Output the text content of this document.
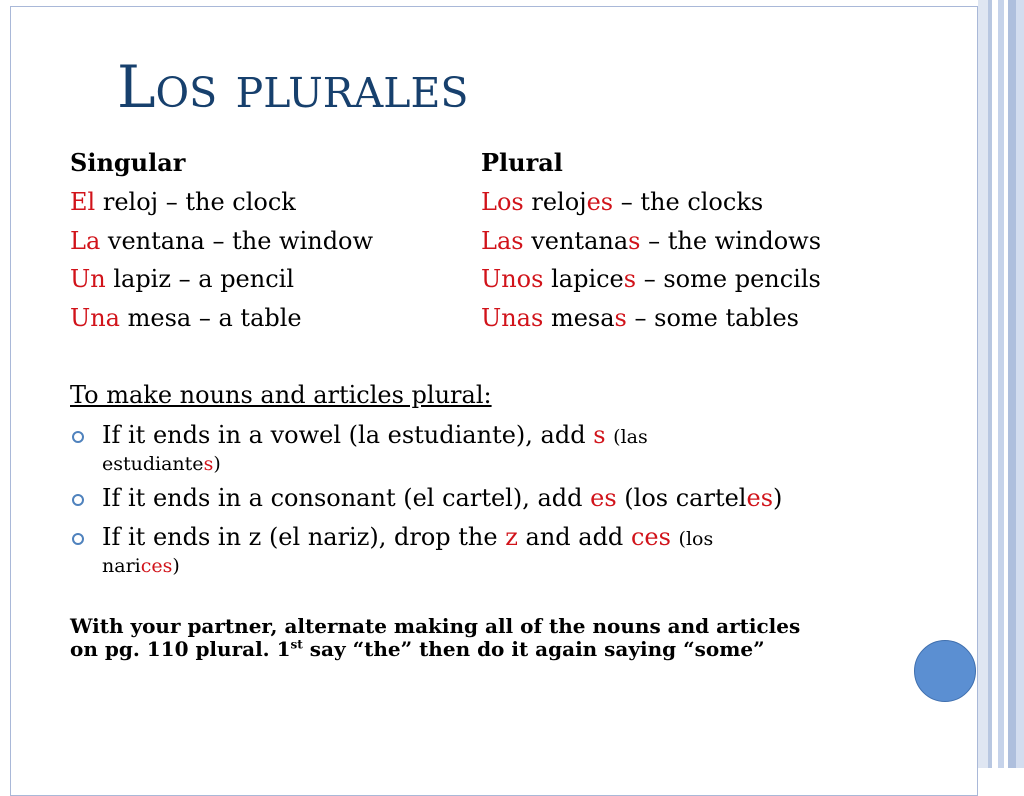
Los plurales
Singular	Plural
El reloj – the clock	Los relojes – the clocks
La ventana – the window	Las ventanas – the windows
Un lapiz – a pencil	Unos lapices – some pencils
Una mesa – a table	Unas mesas – some tables
To make nouns and articles plural:
If it ends in a vowel (la estudiante), add s (las
estudiantes)
If it ends in a consonant (el cartel), add es (los carteles)
If it ends in z (el nariz), drop the z and add ces (los
narices)
With your partner, alternate making all of the nouns and articles
on pg. 110 plural. 1st say “the” then do it again saying “some”
